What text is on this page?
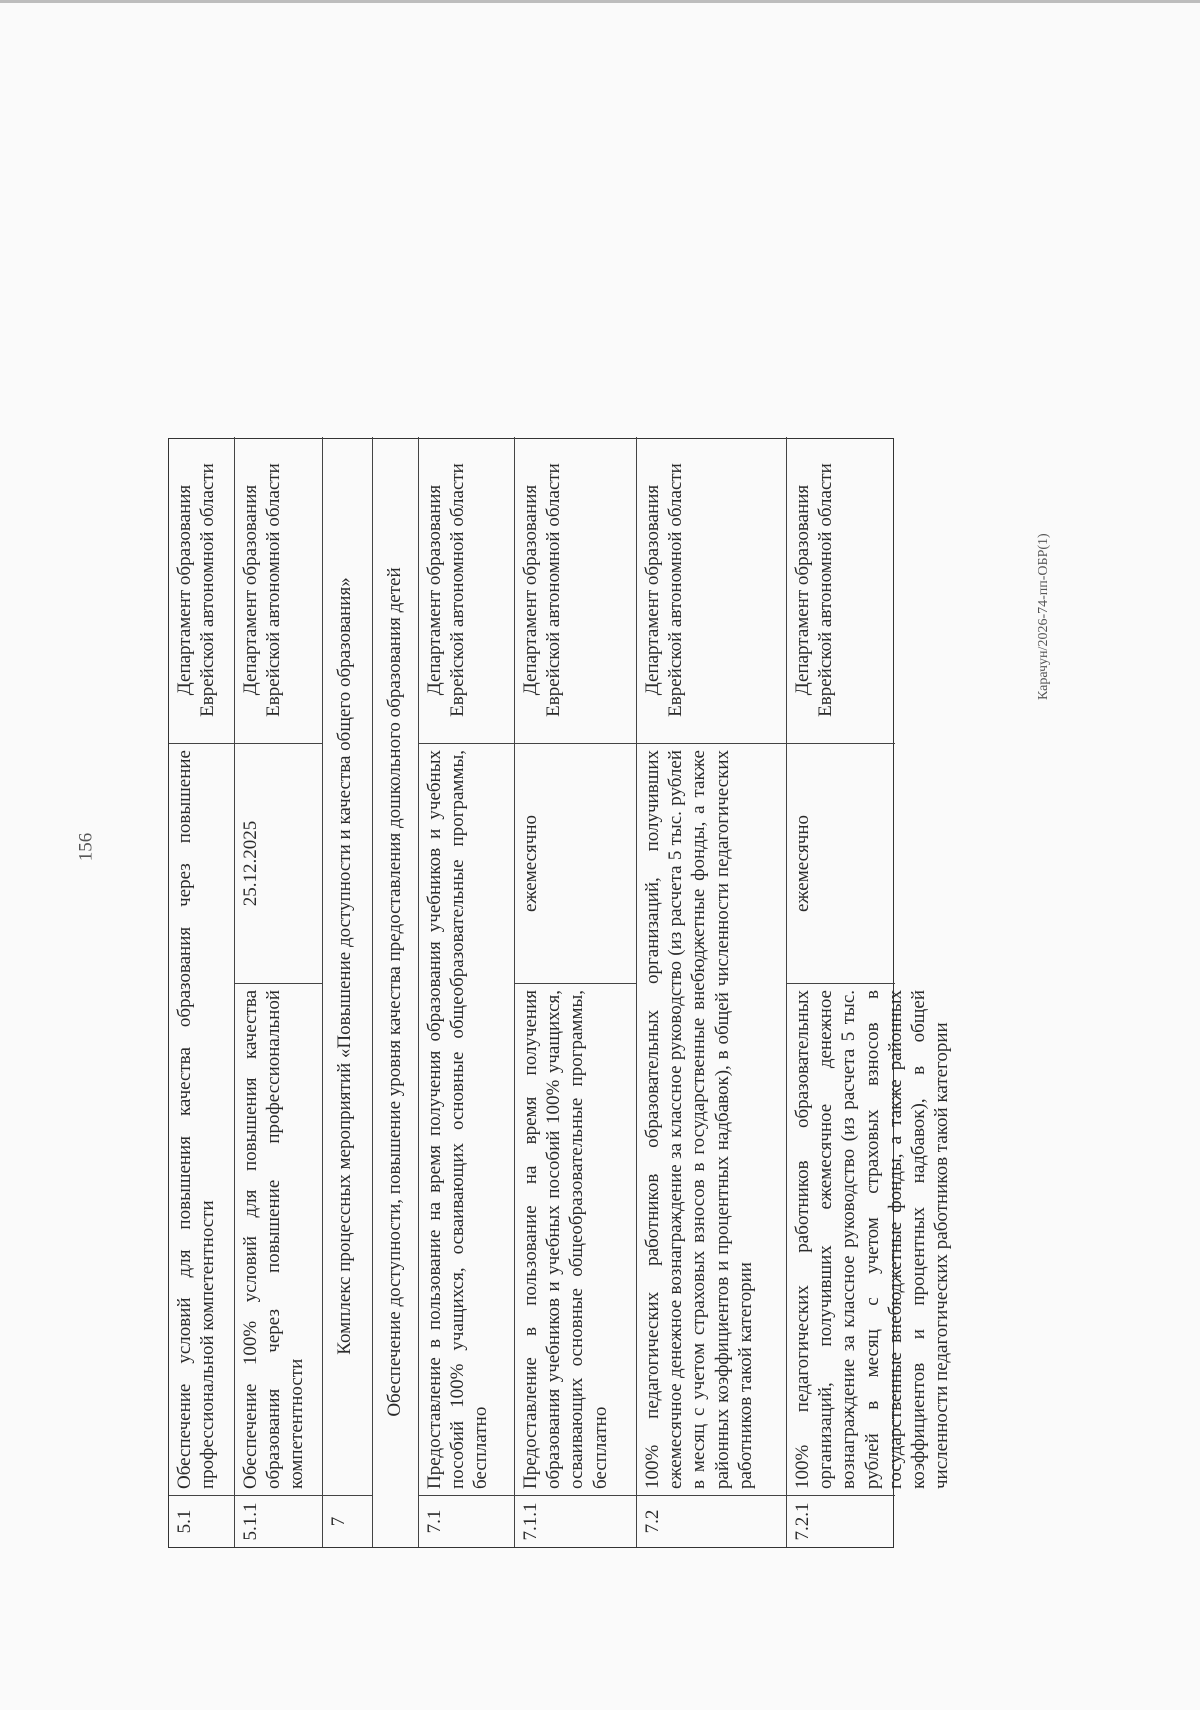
156
Карачун/2026-74-пп-ОБР(1)
5.1
Обеспечение условий для повышения качества образования через повышение профессиональной компетентности
Департамент образования Еврейской автономной области
5.1.1
Обеспечение 100% условий для повышения качества образования через повышение профессиональной компетентности
25.12.2025
Департамент образования Еврейской автономной области
7
Комплекс процессных мероприятий «Повышение доступности и качества общего образования»	Обеспечение доступности, повышение уровня качества предоставления дошкольного образования детей
7.1
Предоставление в пользование на время получения образования учебников и учебных пособий 100% учащихся, осваивающих основные общеобразовательные программы, бесплатно
Департамент образования Еврейской автономной области
7.1.1
Предоставление в пользование на время получения образования учебников и учебных пособий 100% учащихся, осваивающих основные общеобразовательные программы, бесплатно
ежемесячно
Департамент образования Еврейской автономной области
7.2
100% педагогических работников образовательных организаций, получивших ежемесячное денежное вознаграждение за классное руководство (из расчета 5 тыс. рублей в месяц с учетом страховых взносов в государственные внебюджетные фонды, а также районных коэффициентов и процентных надбавок), в общей численности педагогических работников такой категории
Департамент образования Еврейской автономной области
7.2.1
100% педагогических работников образовательных организаций, получивших ежемесячное денежное вознаграждение за классное руководство (из расчета 5 тыс. рублей в месяц с учетом страховых взносов в государственные внебюджетные фонды, а также районных коэффициентов и процентных надбавок), в общей численности педагогических работников такой категории
ежемесячно
Департамент образования Еврейской автономной области
